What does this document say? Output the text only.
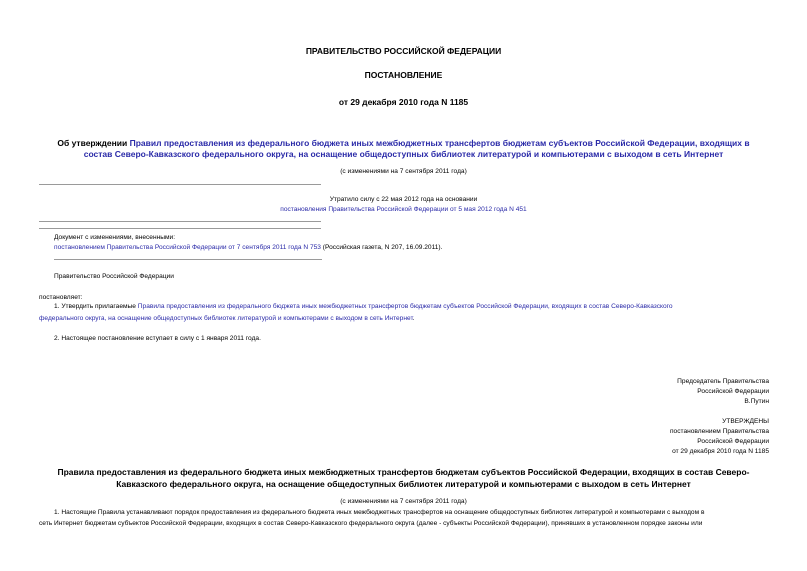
ПРАВИТЕЛЬСТВО РОССИЙСКОЙ ФЕДЕРАЦИИ
ПОСТАНОВЛЕНИЕ
от 29 декабря 2010 года N 1185
Об утверждении Правил предоставления из федерального бюджета иных межбюджетных трансфертов бюджетам субъектов Российской Федерации, входящих в
состав Северо-Кавказского федерального округа, на оснащение общедоступных библиотек литературой и компьютерами с выходом в сеть Интернет
(с изменениями на 7 сентября 2011 года)
Утратило силу с 22 мая 2012 года на основании
постановления Правительства Российской Федерации от 5 мая 2012 года N 451
Документ с изменениями, внесенными:
постановлением Правительства Российской Федерации от 7 сентября 2011 года N 753 (Российская газета, N 207, 16.09.2011).
Правительство Российской Федерации
постановляет:
1. Утвердить прилагаемые Правила предоставления из федерального бюджета иных межбюджетных трансфертов бюджетам субъектов Российской Федерации, входящих в состав Северо-Кавказского
федерального округа, на оснащение общедоступных библиотек литературой и компьютерами с выходом в сеть Интернет.
2. Настоящее постановление вступает в силу с 1 января 2011 года.
Председатель Правительства
Российской Федерации
В.Путин
УТВЕРЖДЕНЫ
постановлением Правительства
Российской Федерации
от 29 декабря 2010 года N 1185
Правила предоставления из федерального бюджета иных межбюджетных трансфертов бюджетам субъектов Российской Федерации, входящих в состав Северо-
Кавказского федерального округа, на оснащение общедоступных библиотек литературой и компьютерами с выходом в сеть Интернет
(с изменениями на 7 сентября 2011 года)
1. Настоящие Правила устанавливают порядок предоставления из федерального бюджета иных межбюджетных трансфертов на оснащение общедоступных библиотек литературой и компьютерами с выходом в
сеть Интернет бюджетам субъектов Российской Федерации, входящих в состав Северо-Кавказского федерального округа (далее - субъекты Российской Федерации), принявших в установленном порядке законы или
